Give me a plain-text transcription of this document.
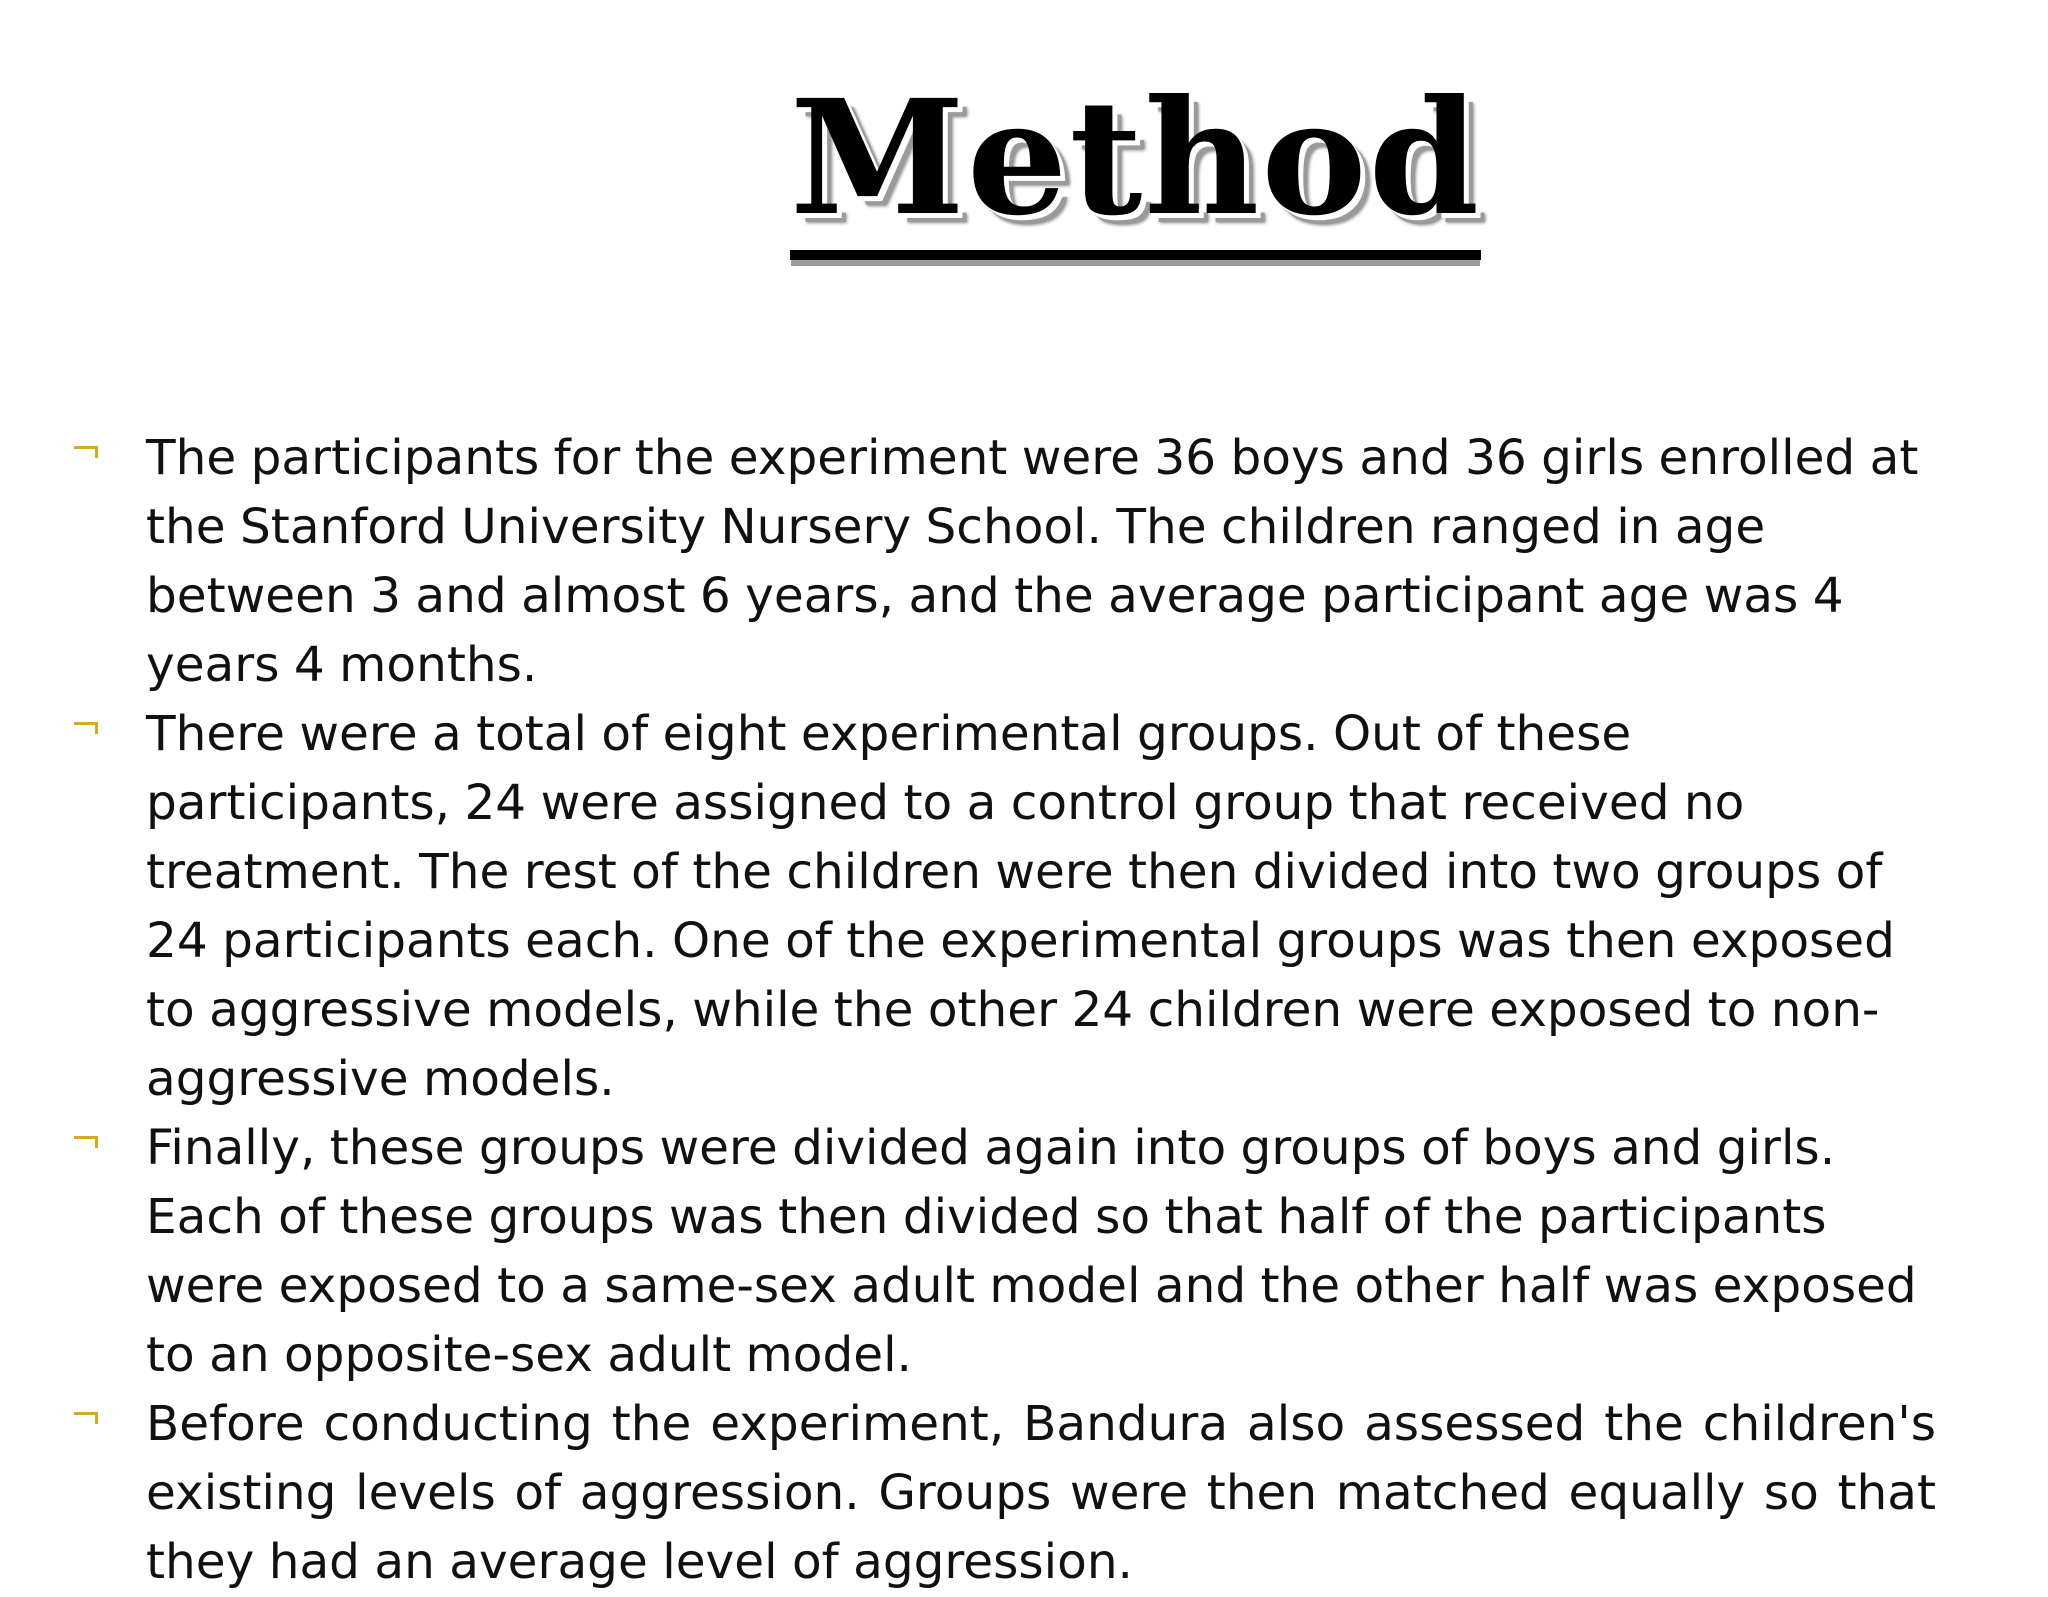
Method
The participants for the experiment were 36 boys and 36 girls enrolled at the Stanford University Nursery School. The children ranged in age between 3 and almost 6 years, and the average participant age was 4 years 4 months.
There were a total of eight experimental groups. Out of these participants, 24 were assigned to a control group that received no treatment. The rest of the children were then divided into two groups of 24 participants each. One of the experimental groups was then exposed to aggressive models, while the other 24 children were exposed to non-aggressive models.
Finally, these groups were divided again into groups of boys and girls. Each of these groups was then divided so that half of the participants were exposed to a same-sex adult model and the other half was exposed to an opposite-sex adult model.
Before conducting the experiment, Bandura also assessed the children's existing levels of aggression. Groups were then matched equally so that they had an average level of aggression.
